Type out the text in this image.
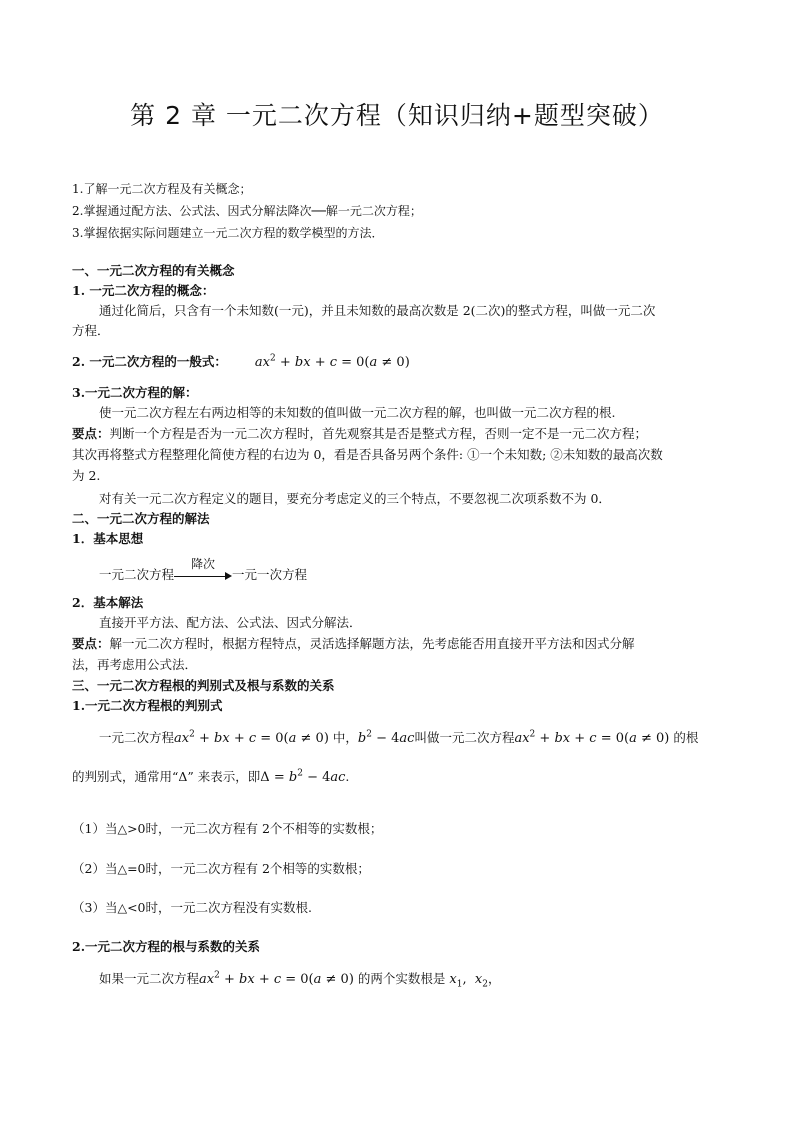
第 2 章 一元二次方程（知识归纳+题型突破）
1.了解一元二次方程及有关概念；
2.掌握通过配方法、公式法、因式分解法降次──解一元二次方程；
3.掌握依据实际问题建立一元二次方程的数学模型的方法．
一、一元二次方程的有关概念
1. 一元二次方程的概念：
通过化简后，只含有一个未知数(一元)，并且未知数的最高次数是 2(二次)的整式方程，叫做一元二次
方程．
2. 一元二次方程的一般式： $ax^2$ + bx + c = 0(a ≠ 0)
3.一元二次方程的解：
使一元二次方程左右两边相等的未知数的值叫做一元二次方程的解，也叫做一元二次方程的根.
要点：判断一个方程是否为一元二次方程时，首先观察其是否是整式方程，否则一定不是一元二次方程；
其次再将整式方程整理化简使方程的右边为 0，看是否具备另两个条件: ①一个未知数; ②未知数的最高次数
为 2.
对有关一元二次方程定义的题目，要充分考虑定义的三个特点，不要忽视二次项系数不为 0．
二、一元二次方程的解法
1．基本思想
一元二次方程
降次
一元一次方程
2．基本解法
直接开平方法、配方法、公式法、因式分解法．
要点：解一元二次方程时，根据方程特点，灵活选择解题方法，先考虑能否用直接开平方法和因式分解
法，再考虑用公式法．
三、一元二次方程根的判别式及根与系数的关系
1.一元二次方程根的判别式
一元二次方程$ax^2$ + bx + c = 0(a ≠ 0) 中，$b^2 - 4ac$叫做一元二次方程$ax^2$ + bx + c = 0(a ≠ 0) 的根
的判别式，通常用“Δ” 来表示，即$\Delta = b^2 - 4ac$.
（1）当△>0时，一元二次方程有 2个不相等的实数根；
（2）当△=0时，一元二次方程有 2个相等的实数根；
（3）当△<0时，一元二次方程没有实数根.
2.一元二次方程的根与系数的关系
如果一元二次方程$ax^2$ + bx + c = 0(a ≠ 0) 的两个实数根是 $x_1$,  $x_2$，
